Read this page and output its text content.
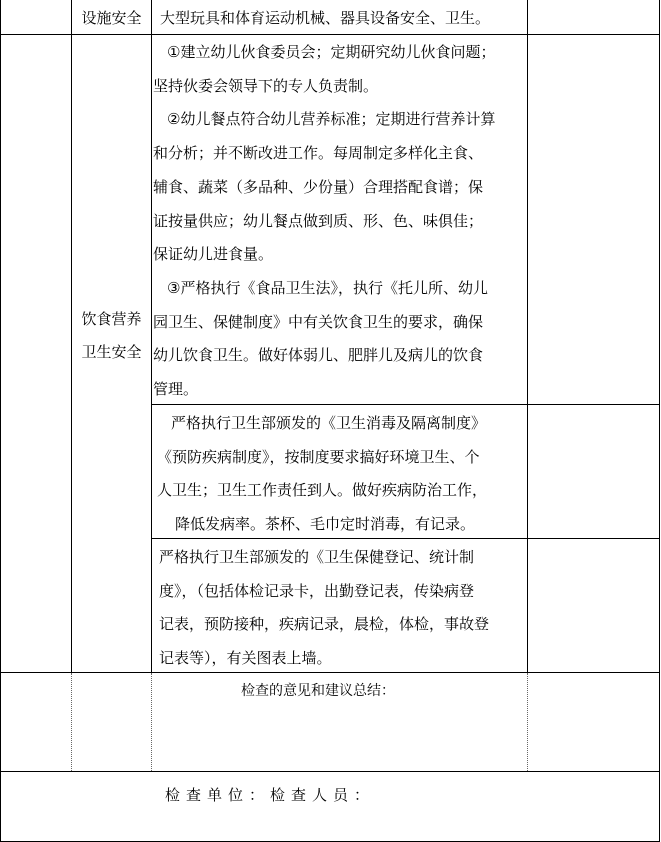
设施安全	大型玩具和体育运动机械、器具设备安全、卫生。
饮食营养
卫生安全
①建立幼儿伙食委员会；定期研究幼儿伙食问题；
坚持伙委会领导下的专人负责制。
②幼儿餐点符合幼儿营养标准；定期进行营养计算
和分析；并不断改进工作。每周制定多样化主食、
辅食、蔬菜（多品种、少份量）合理搭配食谱；保
证按量供应；幼儿餐点做到质、形、色、味俱佳；
保证幼儿进食量。
③严格执行《食品卫生法》，执行《托儿所、幼儿
园卫生、保健制度》中有关饮食卫生的要求，确保
幼儿饮食卫生。做好体弱儿、肥胖儿及病儿的饮食
管理。
严格执行卫生部颁发的《卫生消毒及隔离制度》
《预防疾病制度》，按制度要求搞好环境卫生、个
人卫生；卫生工作责任到人。做好疾病防治工作，
降低发病率。茶杯、毛巾定时消毒，有记录。
严格执行卫生部颁发的《卫生保健登记、统计制
度》，（包括体检记录卡，出勤登记表，传染病登
记表，预防接种，疾病记录，晨检，体检，事故登
记表等），有关图表上墙。
检查的意见和建议总结：
检查单位：检查人员：
